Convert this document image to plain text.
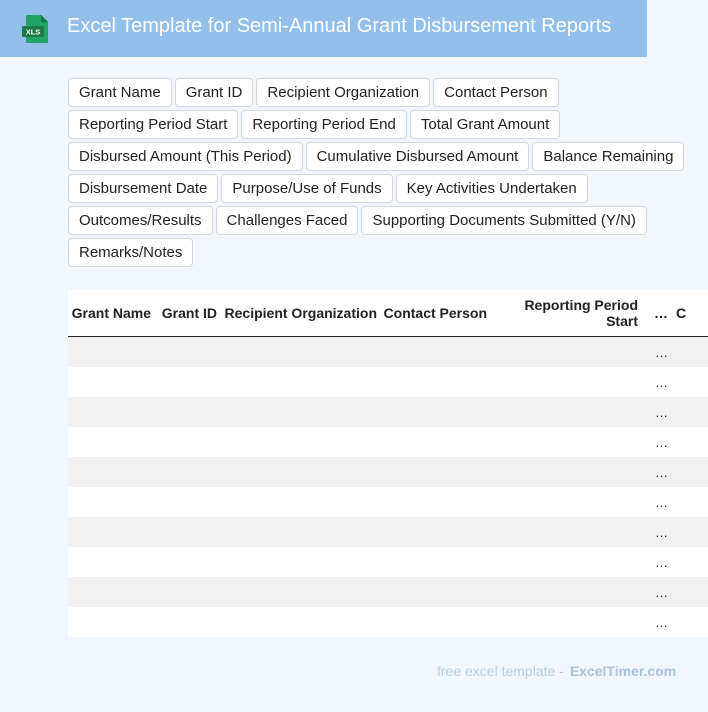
XLS Excel Template for Semi-Annual Grant Disbursement Reports
Grant Name	Grant ID	Recipient Organization	Contact Person
Reporting Period Start	Reporting Period End	Total Grant Amount
Disbursed Amount (This Period)	Cumulative Disbursed Amount	Balance Remaining
Disbursement Date	Purpose/Use of Funds	Key Activities Undertaken
Outcomes/Results	Challenges Faced	Supporting Documents Submitted (Y/N)
Remarks/Notes
Grant Name	Grant ID	Recipient Organization	Contact Person	Reporting Period Start	…	C
					…	
					…	
					…	
					…	
					…	
					…	
					…	
					…	
					…	
					…	
free excel template - ExcelTimer.com
